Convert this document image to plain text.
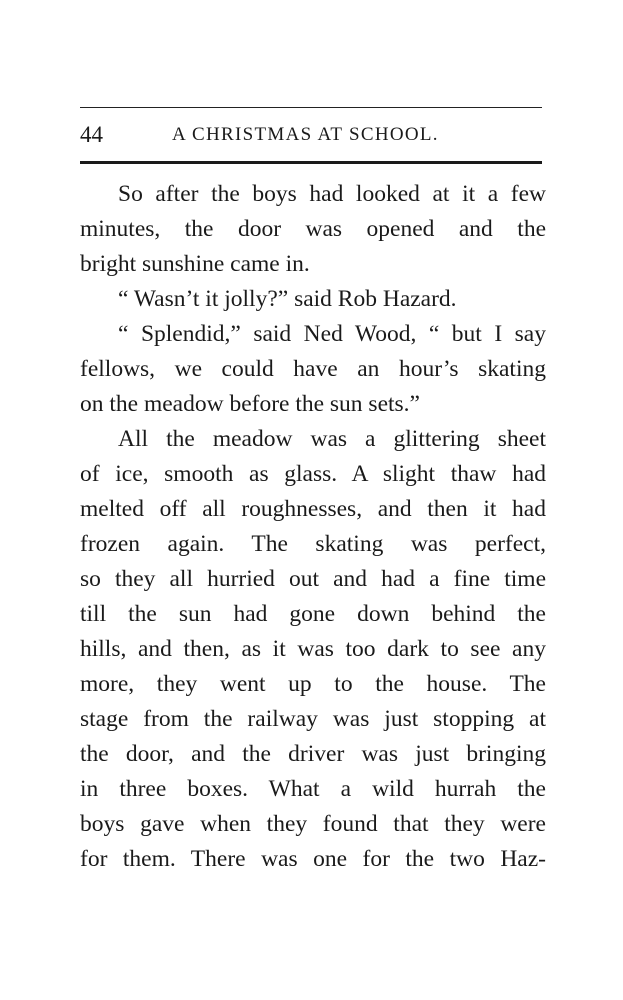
44	A CHRISTMAS AT SCHOOL.
So after the boys had looked at it a few
minutes, the door was opened and the
bright sunshine came in.
“ Wasn’t it jolly?” said Rob Hazard.
“ Splendid,” said Ned Wood, “ but I say
fellows, we could have an hour’s skating
on the meadow before the sun sets.”
All the meadow was a glittering sheet
of ice, smooth as glass. A slight thaw had
melted off all roughnesses, and then it had
frozen again. The skating was perfect,
so they all hurried out and had a fine time
till the sun had gone down behind the
hills, and then, as it was too dark to see any
more, they went up to the house. The
stage from the railway was just stopping at
the door, and the driver was just bringing
in three boxes. What a wild hurrah the
boys gave when they found that they were
for them. There was one for the two Haz-
